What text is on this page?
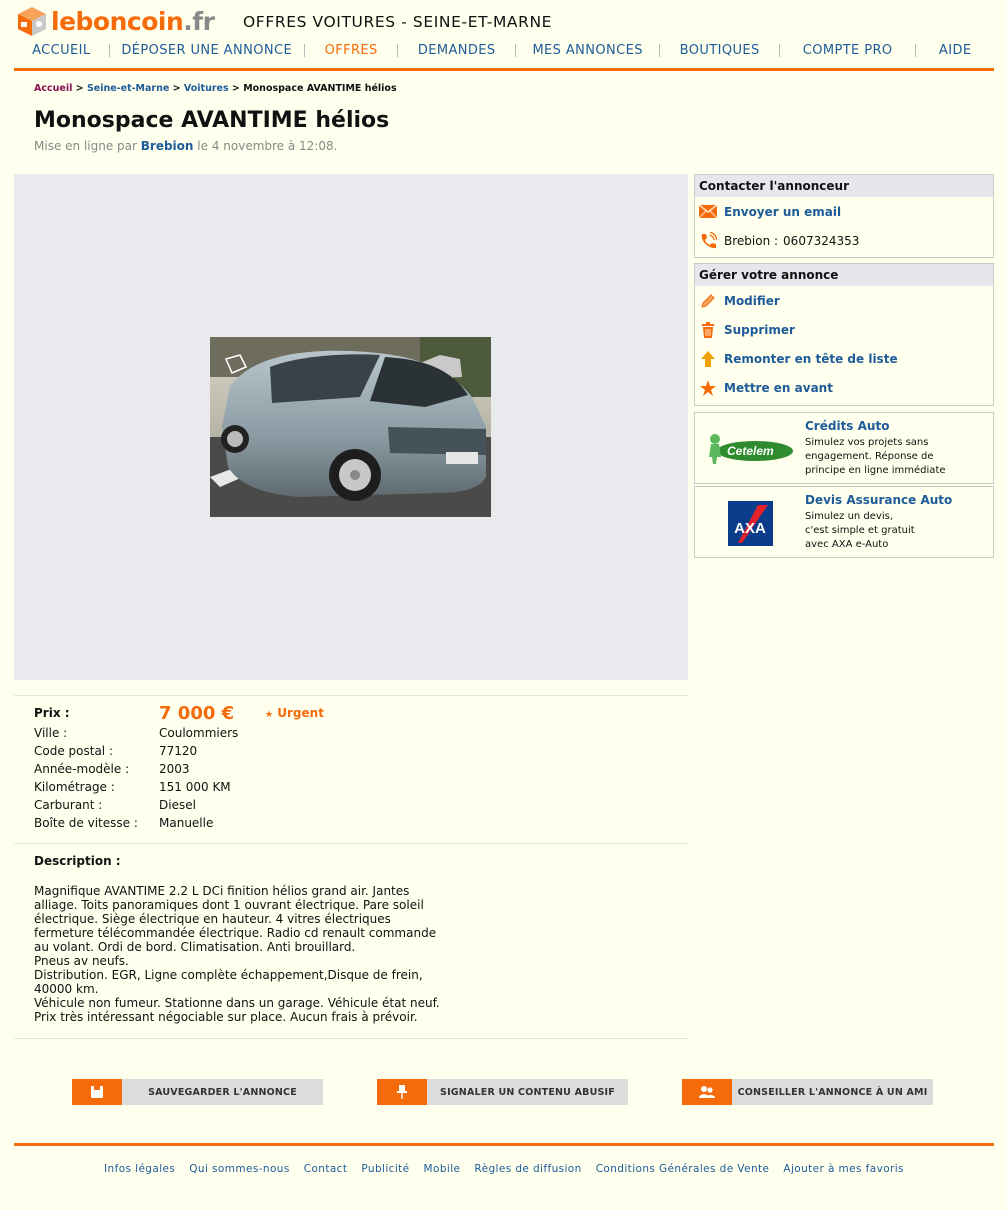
leboncoin.fr OFFRES VOITURES - SEINE-ET-MARNE
ACCUEIL	DÉPOSER UNE ANNONCE	OFFRES	DEMANDES	MES ANNONCES	BOUTIQUES	COMPTE PRO	AIDE
Accueil > Seine-et-Marne > Voitures > Monospace AVANTIME hélios
Monospace AVANTIME hélios
Mise en ligne par Brebion le 4 novembre à 12:08.
Prix :	7 000 €	★ Urgent
Ville :	Coulommiers
Code postal :	77120
Année-modèle :	2003
Kilométrage :	151 000 KM
Carburant :	Diesel
Boîte de vitesse :	Manuelle
Description :
Magnifique AVANTIME 2.2 L DCi finition hélios grand air. Jantes
alliage. Toits panoramiques dont 1 ouvrant électrique. Pare soleil
électrique. Siège électrique en hauteur. 4 vitres électriques
fermeture télécommandée électrique. Radio cd renault commande
au volant. Ordi de bord. Climatisation. Anti brouillard.
Pneus av neufs.
Distribution. EGR, Ligne complète échappement,Disque de frein,
40000 km.
Véhicule non fumeur. Stationne dans un garage. Véhicule état neuf.
Prix très intéressant négociable sur place. Aucun frais à prévoir.
SAUVEGARDER L'ANNONCE	SIGNALER UN CONTENU ABUSIF	CONSEILLER L'ANNONCE À UN AMI
Infos légales Qui sommes-nous Contact Publicité Mobile Règles de diffusion Conditions Générales de Vente Ajouter à mes favoris
Contacter l'annonceur
Envoyer un email
Brebion : 0607324353
Gérer votre annonce
Modifier
Supprimer
Remonter en tête de liste
Mettre en avant
Cetelem
Crédits Auto
Simulez vos projets sans
engagement. Réponse de
principe en ligne immédiate
AXA
Devis Assurance Auto
Simulez un devis,
c'est simple et gratuit
avec AXA e-Auto
